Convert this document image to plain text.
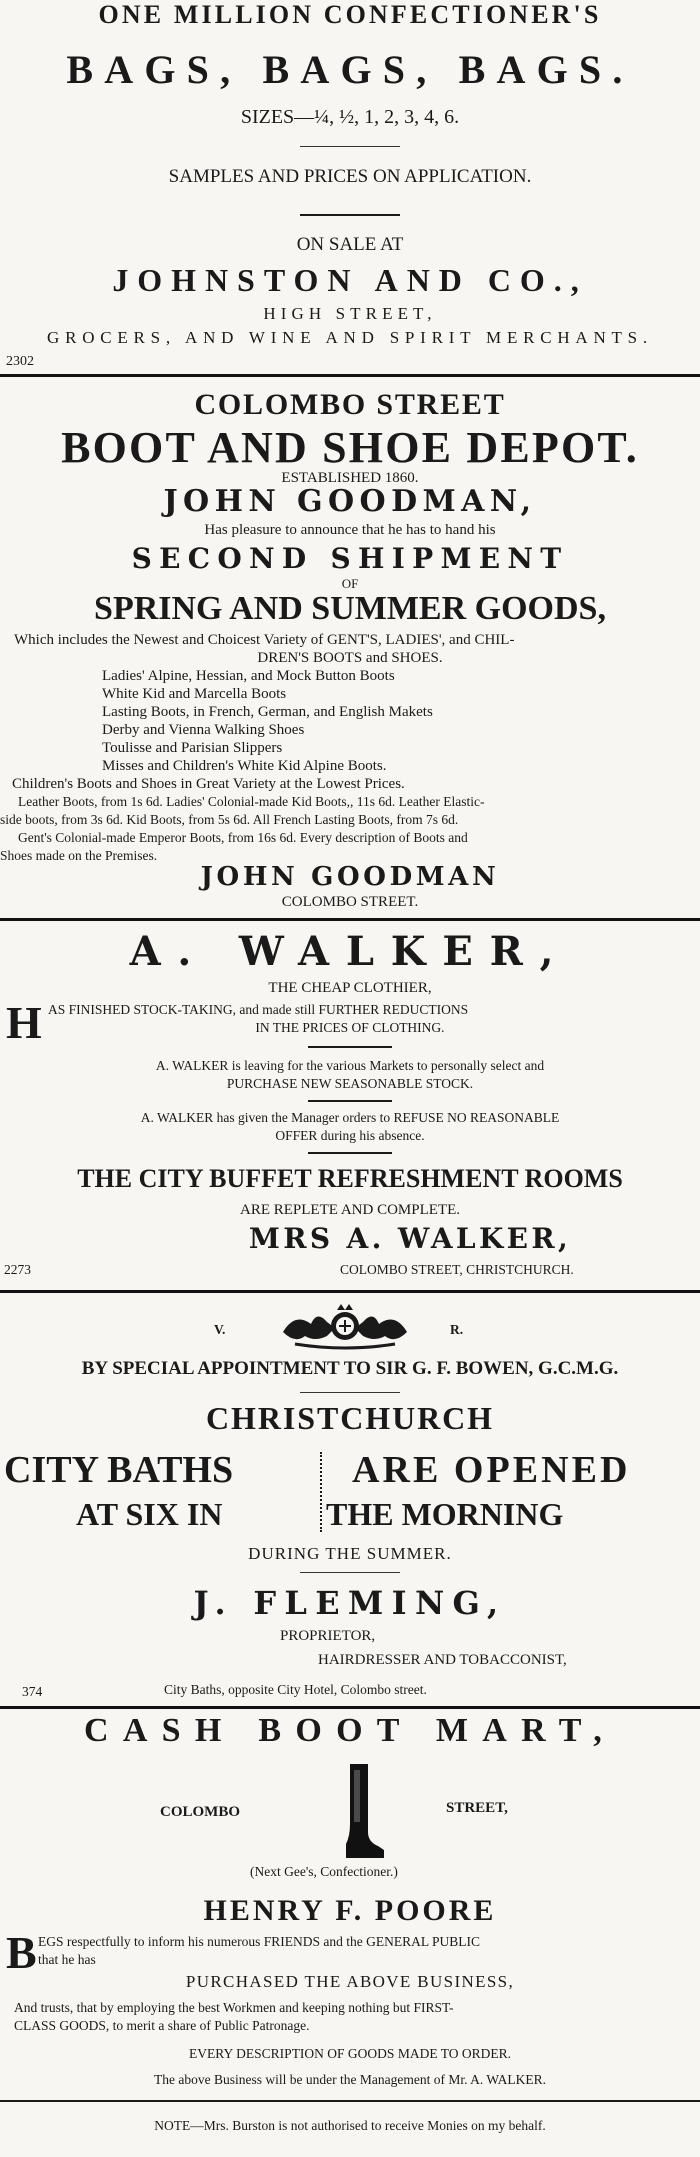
ONE MILLION CONFECTIONER'S
BAGS, BAGS, BAGS.
SIZES—¼, ½, 1, 2, 3, 4, 6.
SAMPLES AND PRICES ON APPLICATION.
ON SALE AT
JOHNSTON AND CO.,
HIGH STREET,
GROCERS, AND WINE AND SPIRIT MERCHANTS.
2302
COLOMBO STREET
BOOT AND SHOE DEPOT.
ESTABLISHED 1860.
JOHN GOODMAN,
Has pleasure to announce that he has to hand his
SECOND SHIPMENT
OF
SPRING AND SUMMER GOODS,
Which includes the Newest and Choicest Variety of GENT'S, LADIES', and CHIL-
DREN'S BOOTS and SHOES.
Ladies' Alpine, Hessian, and Mock Button Boots
White Kid and Marcella Boots
Lasting Boots, in French, German, and English Makets
Derby and Vienna Walking Shoes
Toulisse and Parisian Slippers
Misses and Children's White Kid Alpine Boots.
Children's Boots and Shoes in Great Variety at the Lowest Prices.
Leather Boots, from 1s 6d. Ladies' Colonial-made Kid Boots,, 11s 6d. Leather Elastic-
side boots, from 3s 6d. Kid Boots, from 5s 6d. All French Lasting Boots, from 7s 6d.
Gent's Colonial-made Emperor Boots, from 16s 6d. Every description of Boots and
Shoes made on the Premises.
JOHN GOODMAN
COLOMBO STREET.
A. WALKER,
THE CHEAP CLOTHIER,
H AS FINISHED STOCK-TAKING, and made still FURTHER REDUCTIONS
IN THE PRICES OF CLOTHING.
A. WALKER is leaving for the various Markets to personally select and
PURCHASE NEW SEASONABLE STOCK.
A. WALKER has given the Manager orders to REFUSE NO REASONABLE
OFFER during his absence.
THE CITY BUFFET REFRESHMENT ROOMS
ARE REPLETE AND COMPLETE.
MRS A. WALKER,
2273	COLOMBO STREET, CHRISTCHURCH.
V.	R.
BY SPECIAL APPOINTMENT TO SIR G. F. BOWEN, G.C.M.G.
CHRISTCHURCH
CITY BATHS	ARE OPENED
AT SIX IN	THE MORNING
DURING THE SUMMER.
J. FLEMING,
PROPRIETOR,
HAIRDRESSER AND TOBACCONIST,
374	City Baths, opposite City Hotel, Colombo street.
CASH BOOT MART,
COLOMBO	STREET,
(Next Gee's, Confectioner.)
HENRY F. POORE
B EGS respectfully to inform his numerous FRIENDS and the GENERAL PUBLIC
that he has
PURCHASED THE ABOVE BUSINESS,
And trusts, that by employing the best Workmen and keeping nothing but FIRST-
CLASS GOODS, to merit a share of Public Patronage.
EVERY DESCRIPTION OF GOODS MADE TO ORDER.
The above Business will be under the Management of Mr. A. WALKER.
NOTE—Mrs. Burston is not authorised to receive Monies on my behalf.
